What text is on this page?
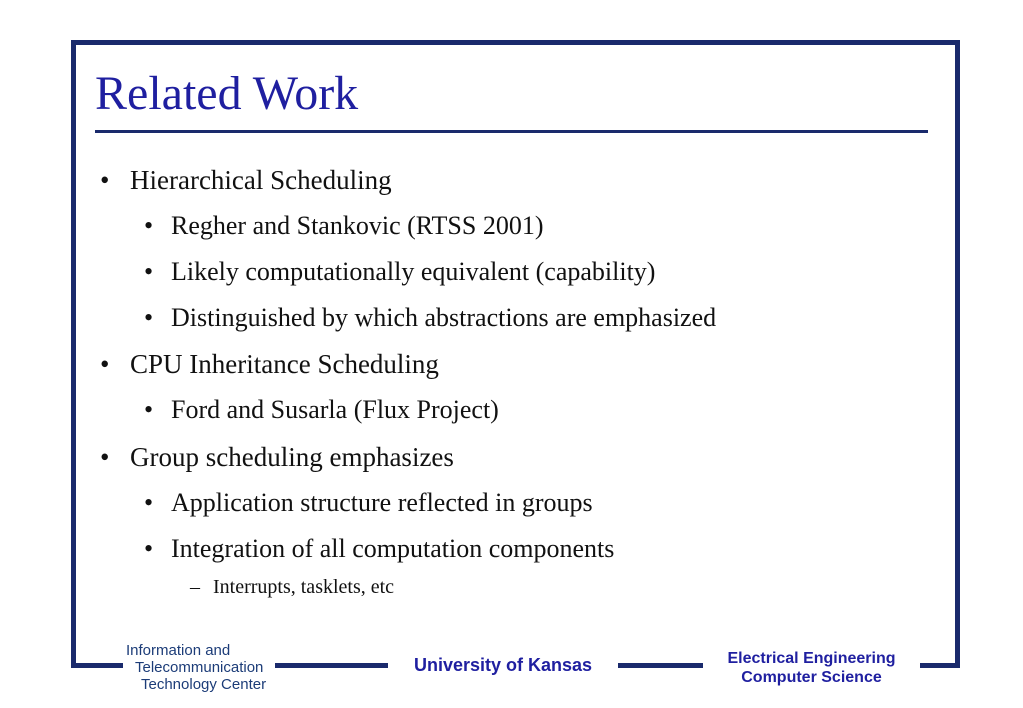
Related Work
• Hierarchical Scheduling
• Regher and Stankovic (RTSS 2001)
• Likely computationally equivalent (capability)
• Distinguished by which abstractions are emphasized
• CPU Inheritance Scheduling
• Ford and Susarla (Flux Project)
• Group scheduling emphasizes
• Application structure reflected in groups
• Integration of all computation components
– Interrupts, tasklets, etc
Information and
Telecommunication
Technology Center
University of Kansas	Electrical Engineering
Computer Science
